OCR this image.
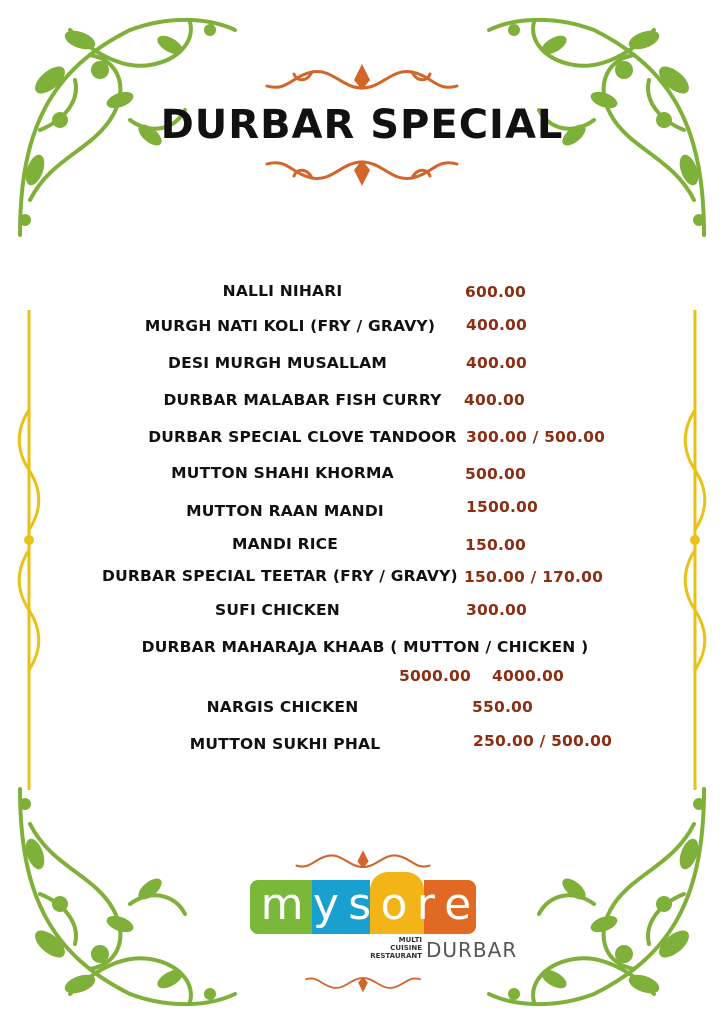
DURBAR SPECIAL
NALLI NIHARI	600.00
MURGH NATI KOLI (FRY / GRAVY)	400.00
DESI MURGH MUSALLAM	400.00
DURBAR MALABAR FISH CURRY	400.00
DURBAR SPECIAL CLOVE TANDOOR 300.00 / 500.00
MUTTON SHAHI KHORMA	500.00
MUTTON RAAN MANDI	1500.00
MANDI RICE	150.00
DURBAR SPECIAL TEETAR (FRY / GRAVY) 150.00 / 170.00
SUFI CHICKEN	300.00
DURBAR MAHARAJA KHAAB ( MUTTON / CHICKEN )
5000.00 4000.00
NARGIS CHICKEN	550.00
MUTTON SUKHI PHAL	250.00 / 500.00
m y s o r e
MULTI
CUISINE
RESTAURANT DURBAR
